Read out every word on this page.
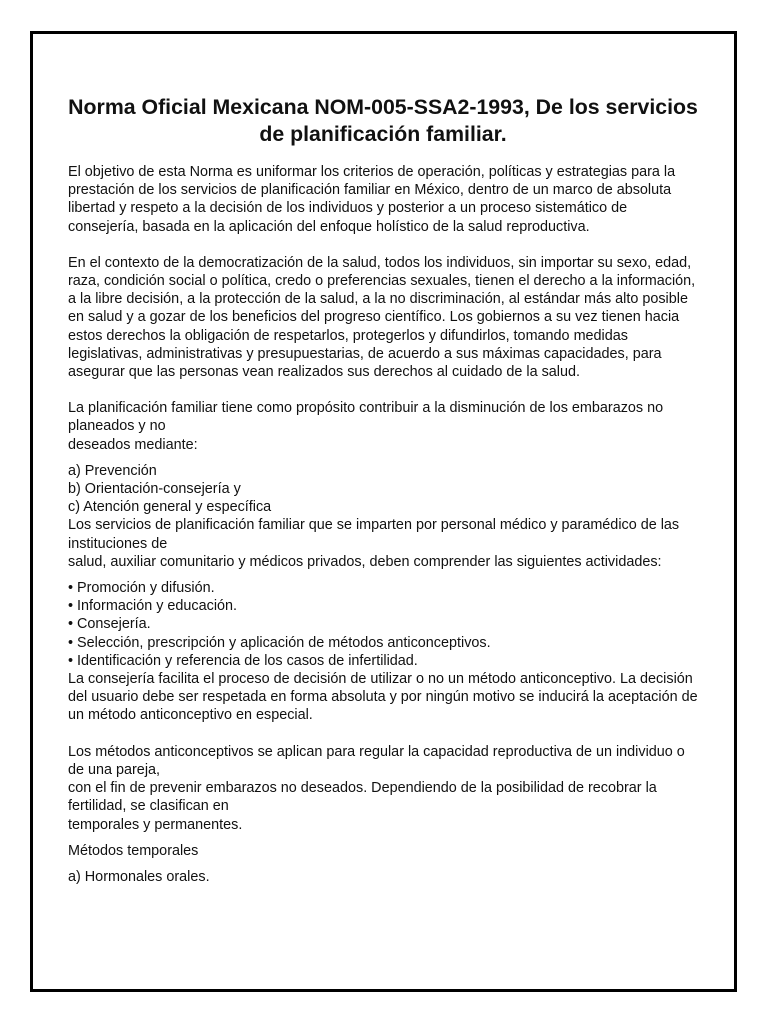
Norma Oficial Mexicana NOM-005-SSA2-1993, De los servicios de planificación familiar.

El objetivo de esta Norma es uniformar los criterios de operación, políticas y estrategias para la prestación de los servicios de planificación familiar en México, dentro de un marco de absoluta libertad y respeto a la decisión de los individuos y posterior a un proceso sistemático de consejería, basada en la aplicación del enfoque holístico de la salud reproductiva.

En el contexto de la democratización de la salud, todos los individuos, sin importar su sexo, edad, raza, condición social o política, credo o preferencias sexuales, tienen el derecho a la información, a la libre decisión, a la protección de la salud, a la no discriminación, al estándar más alto posible en salud y a gozar de los beneficios del progreso científico. Los gobiernos a su vez tienen hacia estos derechos la obligación de respetarlos, protegerlos y difundirlos, tomando medidas legislativas, administrativas y presupuestarias, de acuerdo a sus máximas capacidades, para asegurar que las personas vean realizados sus derechos al cuidado de la salud.

La planificación familiar tiene como propósito contribuir a la disminución de los embarazos no planeados y no
deseados mediante:

a) Prevención
b) Orientación-consejería y
c) Atención general y específica

Los servicios de planificación familiar que se imparten por personal médico y paramédico de las instituciones de
salud, auxiliar comunitario y médicos privados, deben comprender las siguientes actividades:

• Promoción y difusión.
• Información y educación.
• Consejería.
• Selección, prescripción y aplicación de métodos anticonceptivos.
• Identificación y referencia de los casos de infertilidad.

La consejería facilita el proceso de decisión de utilizar o no un método anticonceptivo. La decisión del usuario debe ser respetada en forma absoluta y por ningún motivo se inducirá la aceptación de un método anticonceptivo en especial.

Los métodos anticonceptivos se aplican para regular la capacidad reproductiva de un individuo o de una pareja,
con el fin de prevenir embarazos no deseados. Dependiendo de la posibilidad de recobrar la fertilidad, se clasifican en
temporales y permanentes.

Métodos temporales

a) Hormonales orales.
